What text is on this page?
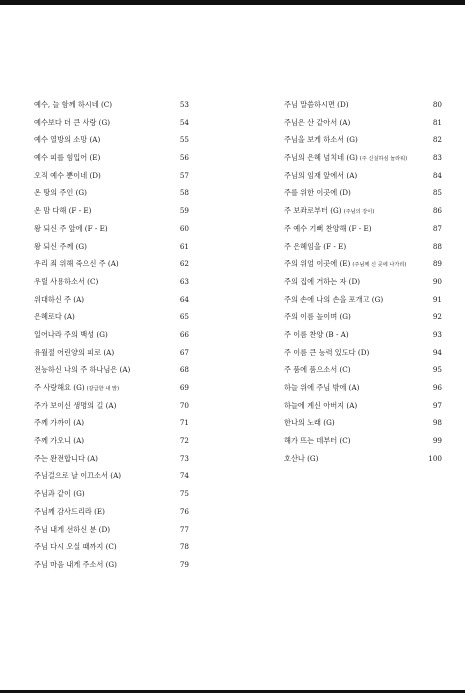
예수, 늘 함께 하시네 (C)	53
예수보다 더 큰 사랑 (G)	54
예수 열방의 소망 (A)	55
예수 피를 힘입어 (E)	56
오직 예수 뿐이네 (D)	57
온 땅의 주인 (G)	58
온 맘 다해 (F - E)	59
왕 되신 주 앞에 (F - E)	60
왕 되신 주께 (G)	61
우리 죄 위해 죽으신 주 (A)	62
우릴 사용하소서 (C)	63
위대하신 주 (A)	64
은혜로다 (A)	65
일어나라 주의 백성 (G)	66
유월절 어린양의 피로 (A)	67
전능하신 나의 주 하나님은 (A)	68
주 사랑해요 (G) (갈급한 내 맘)	69
주가 보이신 생명의 길 (A)	70
주께 가까이 (A)	71
주께 가오니 (A)	72
주는 완전합니다 (A)	73
주님걸으로 날 이끄소서 (A)	74
주님과 같이 (G)	75
주님께 감사드리라 (E)	76
주님 내게 선하신 분 (D)	77
주님 다시 오실 때까지 (C)	78
주님 마음 내게 주소서 (G)	79
주님 말씀하시면 (D)	80
주님은 산 같아서 (A)	81
주님을 보게 하소서 (G)	82
주님의 은혜 넘치네 (G) (주 신실하심 놀라워)	83
주님의 임재 앞에서 (A)	84
주를 위한 이곳에 (D)	85
주 보좌로부터 (G) (주님의 강이)	86
주 예수 기뻐 찬양해 (F - E)	87
주 은혜임을 (F - E)	88
주의 위엄 이곳에 (E) (주님께 신 곳에 나가리)	89
주의 집에 거하는 자 (D)	90
주의 손에 나의 손을 포개고 (G)	91
주의 이름 높이며 (G)	92
주 이름 찬양 (B - A)	93
주 이름 큰 능력 있도다 (D)	94
주 품에 품으소서 (C)	95
하늘 위에 주님 밖에 (A)	96
하늘에 계신 아버지 (A)	97
한나의 노래 (G)	98
해가 뜨는 데부터 (C)	99
호산나 (G)	100
